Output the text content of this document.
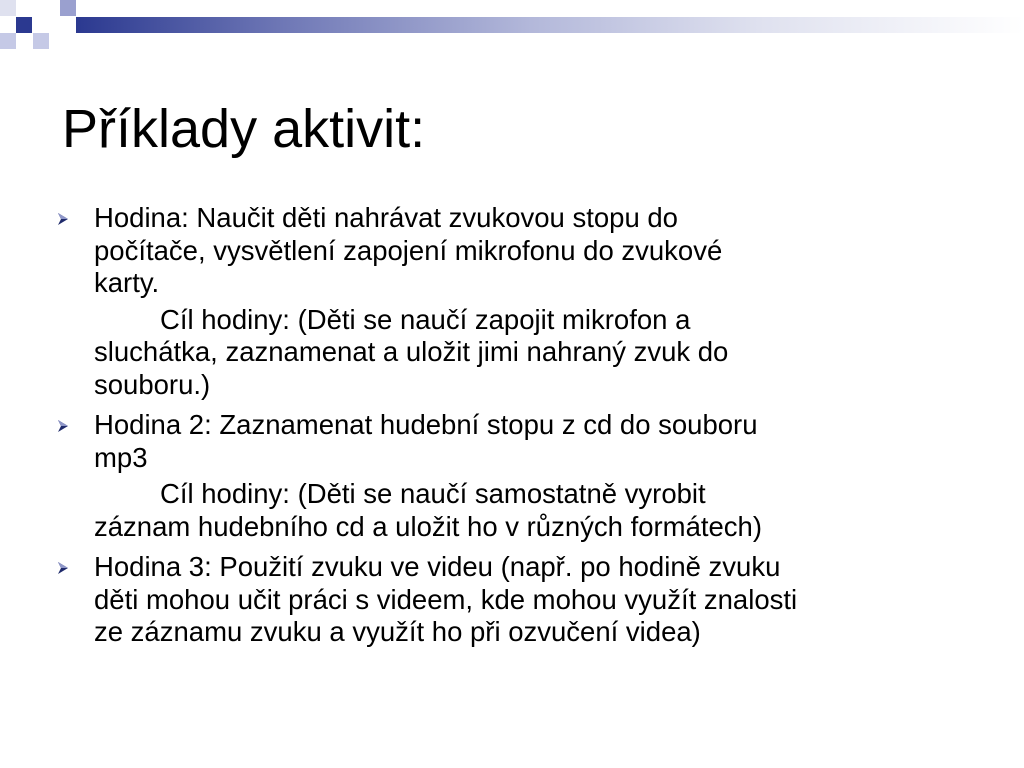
Příklady aktivit:
Hodina: Naučit děti nahrávat zvukovou stopu do
počítače, vysvětlení zapojení mikrofonu do zvukové
karty.
Cíl hodiny: (Děti se naučí zapojit mikrofon a
sluchátka, zaznamenat a uložit jimi nahraný zvuk do
souboru.)
Hodina 2: Zaznamenat hudební stopu z cd do souboru
mp3
Cíl hodiny: (Děti se naučí samostatně vyrobit
záznam hudebního cd a uložit ho v různých formátech)
Hodina 3: Použití zvuku ve videu (např. po hodině zvuku
děti mohou učit práci s videem, kde mohou využít znalosti
ze záznamu zvuku a využít ho při ozvučení videa)
